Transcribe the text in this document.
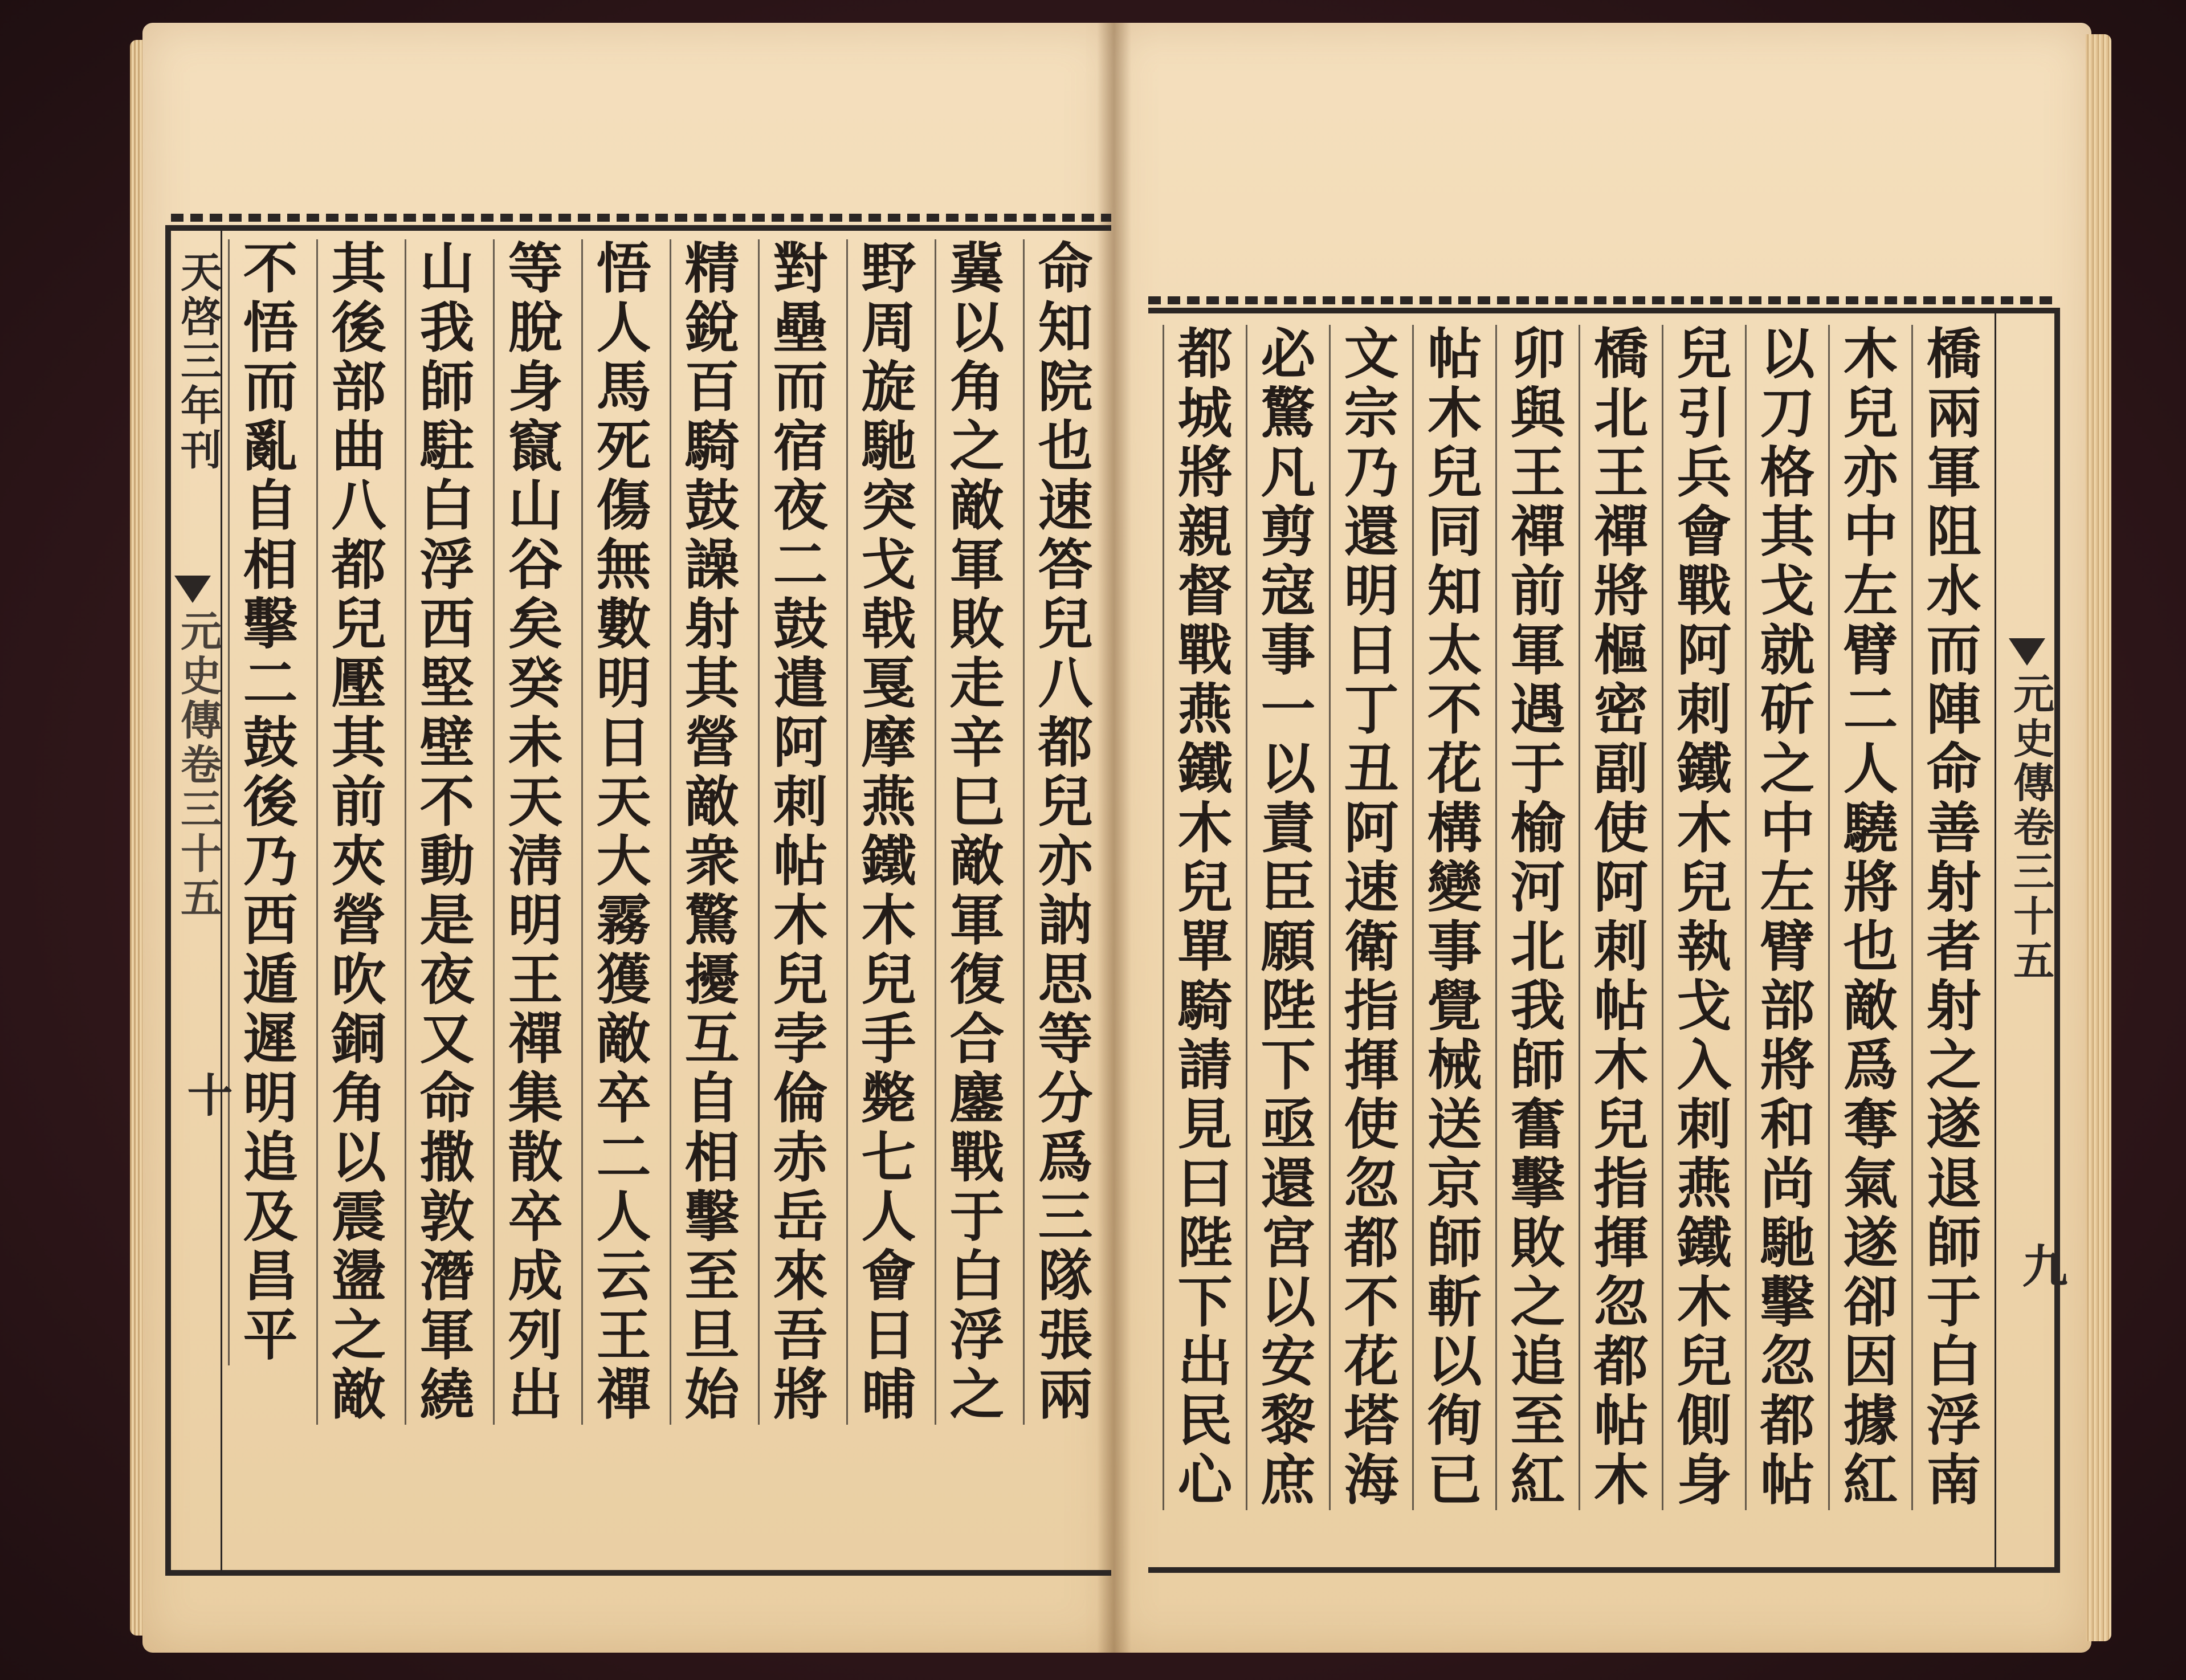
天啓三年刊
元史傳卷三十五
十 不悟而亂自相擊二鼓後乃西遁遲明追及昌平 其後部曲八都兒壓其前夾營吹銅角以震盪之敵 山我師駐白浮西堅壁不動是夜又命撒敦潛軍繞 等脫身竄山谷矣癸未天淸明王禪集散卒成列出 悟人馬死傷無數明日天大霧獲敵卒二人云王禪 精銳百騎鼓譟射其營敵衆驚擾互自相擊至旦始 對壘而宿夜二鼓遣阿刺帖木兒孛倫赤岳來吾將 野周旋馳突戈戟戛摩燕鐵木兒手斃七人會日晡 冀以角之敵軍敗走辛巳敵軍復合鏖戰于白浮之 命知院也速答兒八都兒亦訥思等分爲三隊張兩	元史傳卷三十五
九
都城將親督戰燕鐵木兒單騎請見曰陛下出民心 必驚凡剪寇事一以責臣願陛下亟還宮以安黎庶 文宗乃還明日丁丑阿速衛指揮使忽都不花塔海 帖木兒同知太不花構變事覺械送京師斬以徇已 卯與王禪前軍遇于榆河北我師奮擊敗之追至紅 橋北王禪將樞密副使阿刺帖木兒指揮忽都帖木 兒引兵會戰阿刺鐵木兒執戈入刺燕鐵木兒側身 以刀格其戈就斫之中左臂部將和尚馳擊忽都帖 木兒亦中左臂二人驍將也敵爲奪氣遂卻因據紅 橋兩軍阻水而陣命善射者射之遂退師于白浮南
